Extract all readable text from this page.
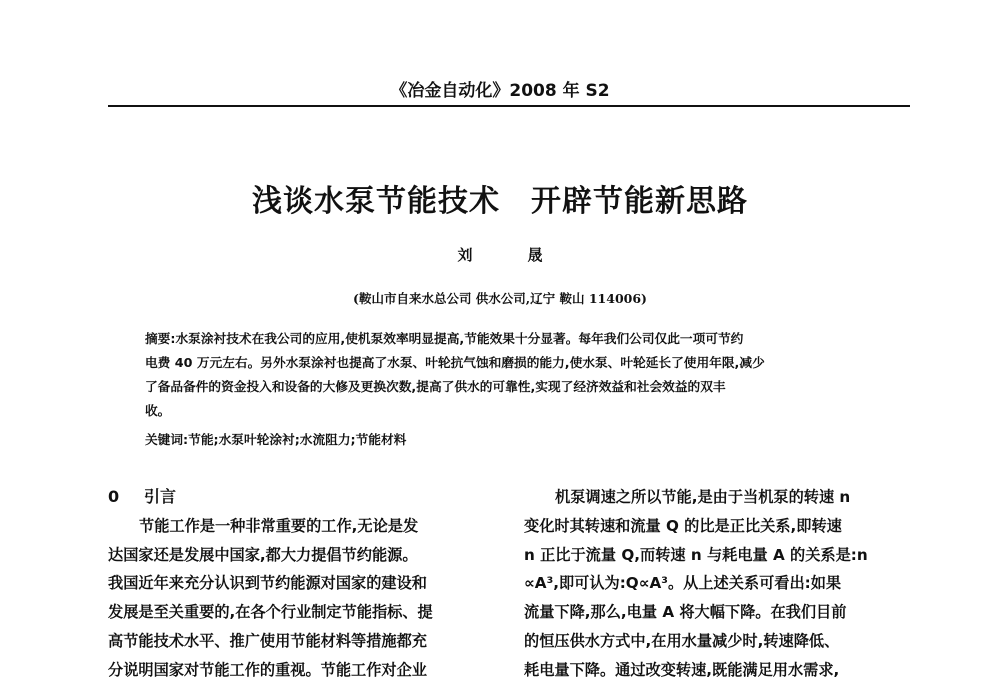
《冶金自动化》2008 年 S2
浅谈水泵节能技术　开辟节能新思路
刘　晟
(鞍山市自来水总公司 供水公司,辽宁 鞍山 114006)
摘要:水泵涂衬技术在我公司的应用,使机泵效率明显提高,节能效果十分显著。每年我们公司仅此一项可节约
电费 40 万元左右。另外水泵涂衬也提高了水泵、叶轮抗气蚀和磨损的能力,使水泵、叶轮延长了使用年限,减少
了备品备件的资金投入和设备的大修及更换次数,提高了供水的可靠性,实现了经济效益和社会效益的双丰
收。
关键词:节能;水泵叶轮涂衬;水流阻力;节能材料
0 引言
节能工作是一种非常重要的工作,无论是发
达国家还是发展中国家,都大力提倡节约能源。
我国近年来充分认识到节约能源对国家的建设和
发展是至关重要的,在各个行业制定节能指标、提
高节能技术水平、推广使用节能材料等措施都充
分说明国家对节能工作的重视。节能工作对企业
机泵调速之所以节能,是由于当机泵的转速 n
变化时其转速和流量 Q 的比是正比关系,即转速
n 正比于流量 Q,而转速 n 与耗电量 A 的关系是:n
∝A³,即可认为:Q∝A³。从上述关系可看出:如果
流量下降,那么,电量 A 将大幅下降。在我们目前
的恒压供水方式中,在用水量减少时,转速降低、
耗电量下降。通过改变转速,既能满足用水需求,
